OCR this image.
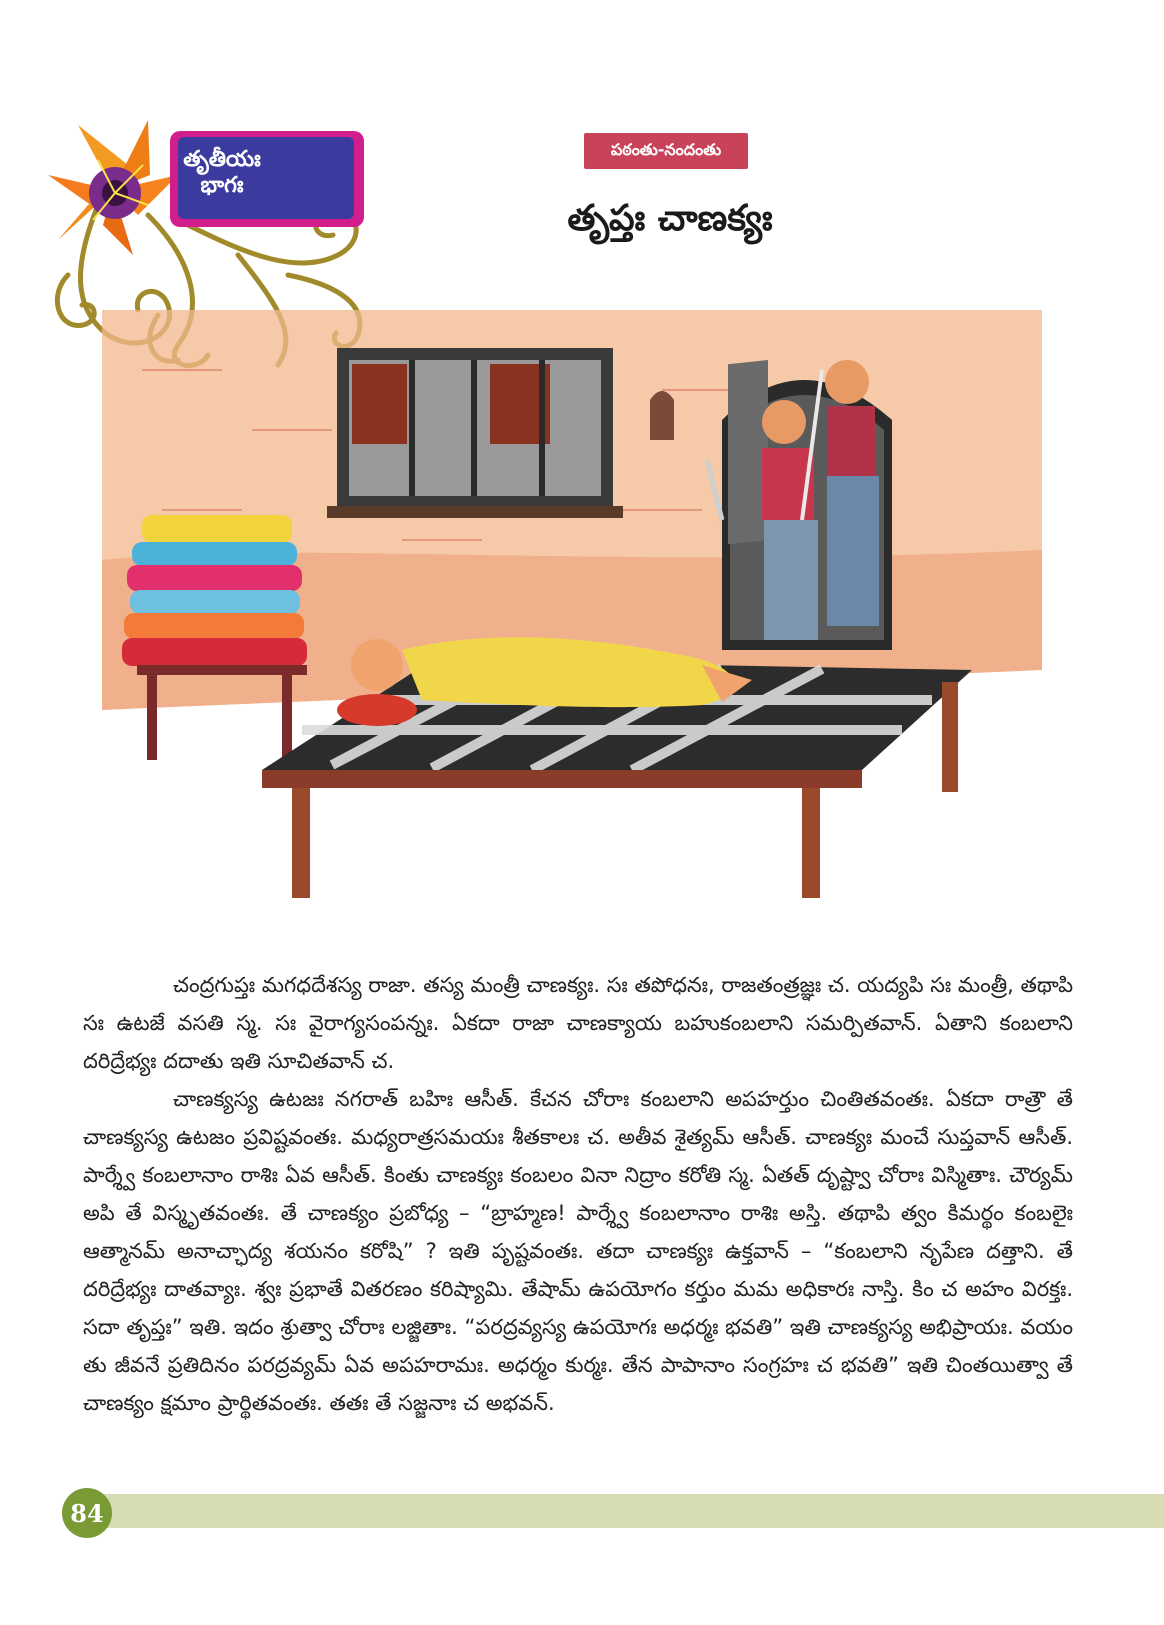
తృతీయః
భాగః
పఠంతు-నందంతు
తృప్తః చాణక్యః

చంద్రగుప్తః మగధదేశస్య రాజా. తస్య మంత్రీ చాణక్యః. సః తపోధనః, రాజతంత్రజ్ఞః చ. యద్యపి సః మంత్రీ, తథాపి సః ఉటజే వసతి స్మ. సః వైరాగ్యసంపన్నః. ఏకదా రాజా చాణక్యాయ బహుకంబలాని సమర్పితవాన్. ఏతాని కంబలాని దరిద్రేభ్యః దదాతు ఇతి సూచితవాన్ చ.

చాణక్యస్య ఉటజః నగరాత్ బహిః ఆసీత్. కేచన చోరాః కంబలాని అపహర్తుం చింతితవంతః. ఏకదా రాత్రౌ తే చాణక్యస్య ఉటజం ప్రవిష్టవంతః. మధ్యరాత్రసమయః శీతకాలః చ. అతీవ శైత్యమ్ ఆసీత్. చాణక్యః మంచే సుప్తవాన్ ఆసీత్. పార్శ్వే కంబలానాం రాశిః ఏవ ఆసీత్. కింతు చాణక్యః కంబలం వినా నిద్రాం కరోతి స్మ. ఏతత్ దృష్ట్వా చోరాః విస్మితాః. చౌర్యమ్ అపి తే విస్మృతవంతః. తే చాణక్యం ప్రబోధ్య – “బ్రాహ్మణ! పార్శ్వే కంబలానాం రాశిః అస్తి. తథాపి త్వం కిమర్థం కంబలైః ఆత్మానమ్ అనాచ్ఛాద్య శయనం కరోషి” ? ఇతి పృష్టవంతః. తదా చాణక్యః ఉక్తవాన్ – “కంబలాని నృపేణ దత్తాని. తే దరిద్రేభ్యః దాతవ్యాః. శ్వః ప్రభాతే వితరణం కరిష్యామి. తేషామ్ ఉపయోగం కర్తుం మమ అధికారః నాస్తి. కిం చ అహం విరక్తః. సదా తృప్తః” ఇతి. ఇదం శ్రుత్వా చోరాః లజ్జితాః. “పరద్రవ్యస్య ఉపయోగః అధర్మః భవతి” ఇతి చాణక్యస్య అభిప్రాయః. వయం తు జీవనే ప్రతిదినం పరద్రవ్యమ్ ఏవ అపహరామః. అధర్మం కుర్మః. తేన పాపానాం సంగ్రహః చ భవతి” ఇతి చింతయిత్వా తే చాణక్యం క్షమాం ప్రార్థితవంతః. తతః తే సజ్జనాః చ అభవన్.

84
